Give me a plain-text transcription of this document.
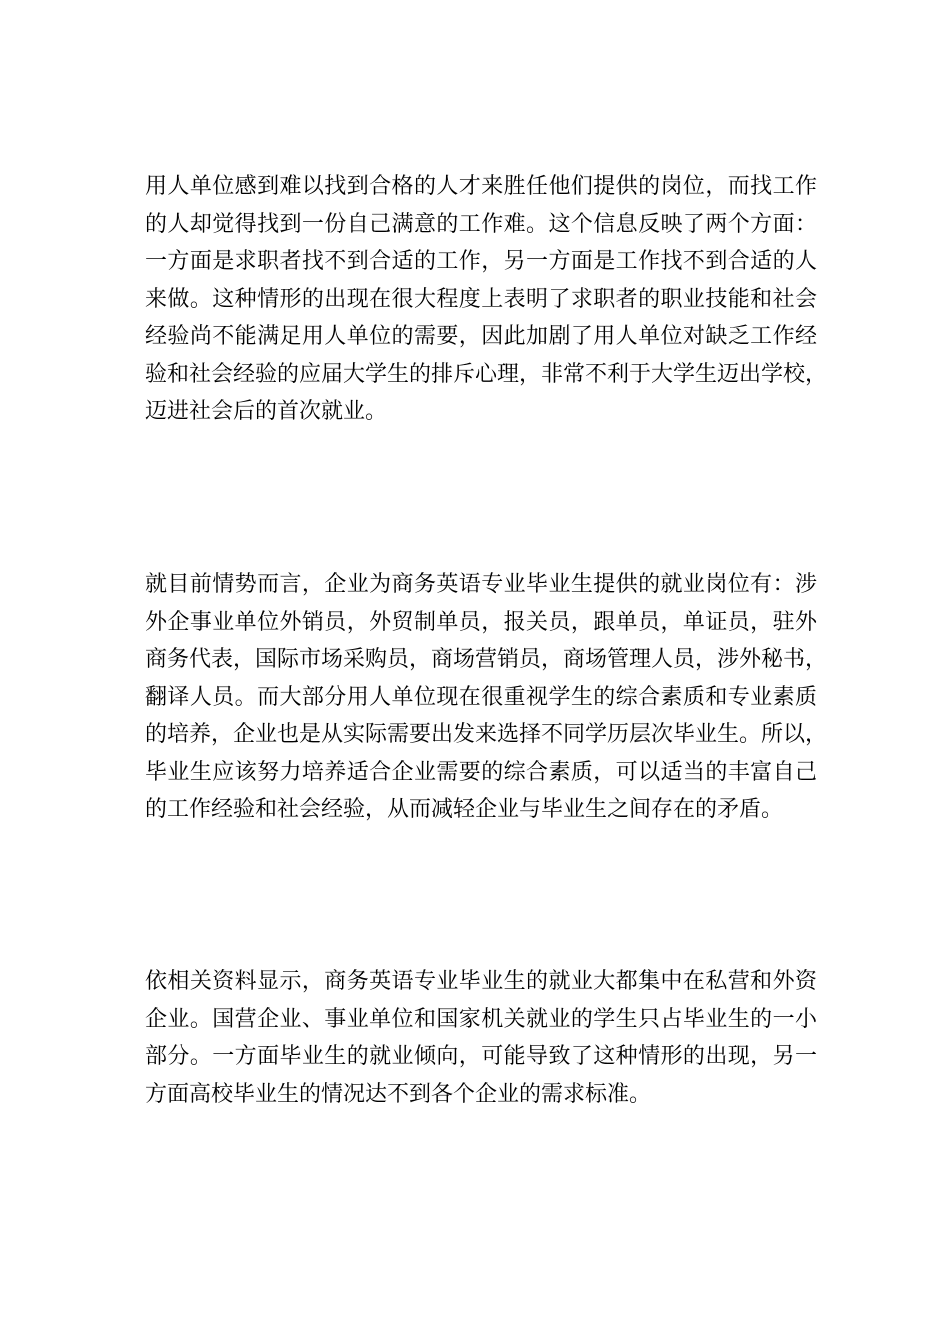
用人单位感到难以找到合格的人才来胜任他们提供的岗位，而找工作
的人却觉得找到一份自己满意的工作难。这个信息反映了两个方面：
一方面是求职者找不到合适的工作，另一方面是工作找不到合适的人
来做。这种情形的出现在很大程度上表明了求职者的职业技能和社会
经验尚不能满足用人单位的需要，因此加剧了用人单位对缺乏工作经
验和社会经验的应届大学生的排斥心理，非常不利于大学生迈出学校，
迈进社会后的首次就业。

就目前情势而言，企业为商务英语专业毕业生提供的就业岗位有：涉
外企事业单位外销员，外贸制单员，报关员，跟单员，单证员，驻外
商务代表，国际市场采购员，商场营销员，商场管理人员，涉外秘书，
翻译人员。而大部分用人单位现在很重视学生的综合素质和专业素质
的培养，企业也是从实际需要出发来选择不同学历层次毕业生。所以，
毕业生应该努力培养适合企业需要的综合素质，可以适当的丰富自己
的工作经验和社会经验，从而减轻企业与毕业生之间存在的矛盾。

依相关资料显示，商务英语专业毕业生的就业大都集中在私营和外资
企业。国营企业、事业单位和国家机关就业的学生只占毕业生的一小
部分。一方面毕业生的就业倾向，可能导致了这种情形的出现，另一
方面高校毕业生的情况达不到各个企业的需求标准。
